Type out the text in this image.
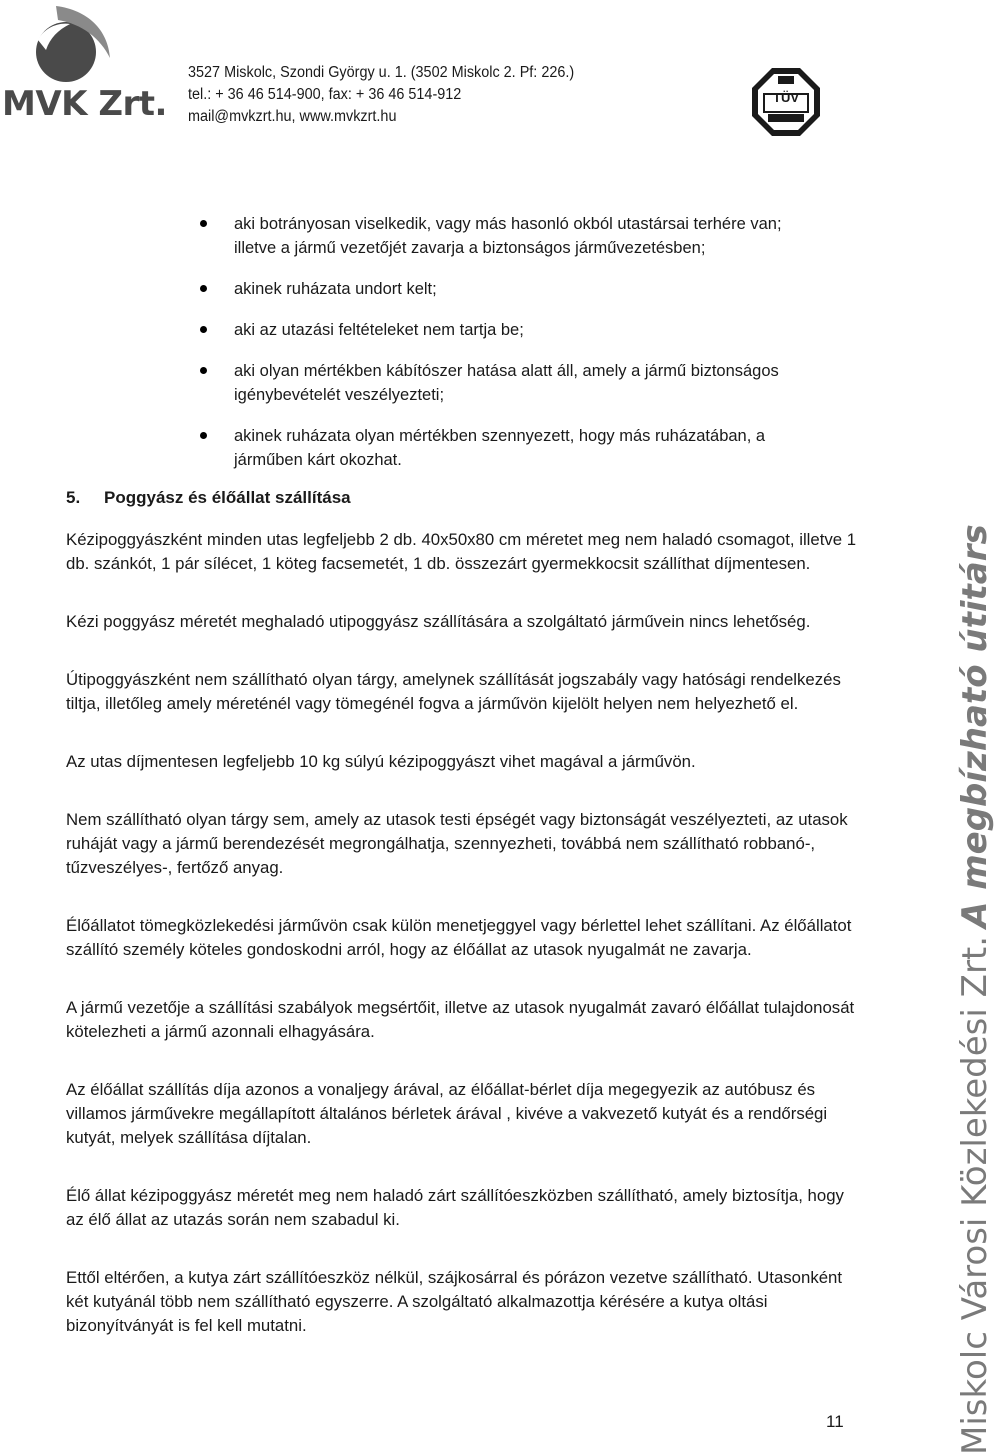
MVK Zrt.
3527 Miskolc, Szondi György u. 1. (3502 Miskolc 2. Pf: 226.)
tel.: + 36 46 514-900, fax: + 36 46 514-912
mail@mvkzrt.hu, www.mvkzrt.hu
TÜV
aki botrányosan viselkedik, vagy más hasonló okból utastársai terhére van;
illetve a jármű vezetőjét zavarja a biztonságos járművezetésben;
akinek ruházata undort kelt;
aki az utazási feltételeket nem tartja be;
aki olyan mértékben kábítószer hatása alatt áll, amely a jármű biztonságos
igénybevételét veszélyezteti;
akinek ruházata olyan mértékben szennyezett, hogy más ruházatában, a
járműben kárt okozhat.
5. Poggyász és élőállat szállítása

Kézipoggyászként minden utas legfeljebb 2 db. 40x50x80 cm méretet meg nem haladó csomagot, illetve 1
db. szánkót, 1 pár sílécet, 1 köteg facsemetét, 1 db. összezárt gyermekkocsit szállíthat díjmentesen.

Kézi poggyász méretét meghaladó utipoggyász szállítására a szolgáltató járművein nincs lehetőség.

Útipoggyászként nem szállítható olyan tárgy, amelynek szállítását jogszabály vagy hatósági rendelkezés
tiltja, illetőleg amely méreténél vagy tömegénél fogva a járművön kijelölt helyen nem helyezhető el.

Az utas díjmentesen legfeljebb 10 kg súlyú kézipoggyászt vihet magával a járművön.

Nem szállítható olyan tárgy sem, amely az utasok testi épségét vagy biztonságát veszélyezteti, az utasok
ruháját vagy a jármű berendezését megrongálhatja, szennyezheti, továbbá nem szállítható robbanó-,
tűzveszélyes-, fertőző anyag.

Élőállatot tömegközlekedési járművön csak külön menetjeggyel vagy bérlettel lehet szállítani. Az élőállatot
szállító személy köteles gondoskodni arról, hogy az élőállat az utasok nyugalmát ne zavarja.

A jármű vezetője a szállítási szabályok megsértőit, illetve az utasok nyugalmát zavaró élőállat tulajdonosát
kötelezheti a jármű azonnali elhagyására.

Az élőállat szállítás díja azonos a vonaljegy árával, az élőállat-bérlet díja megegyezik az autóbusz és
villamos járművekre megállapított általános bérletek árával , kivéve a vakvezető kutyát és a rendőrségi
kutyát, melyek szállítása díjtalan.

Élő állat kézipoggyász méretét meg nem haladó zárt szállítóeszközben szállítható, amely biztosítja, hogy
az élő állat az utazás során nem szabadul ki.

Ettől eltérően, a kutya zárt szállítóeszköz nélkül, szájkosárral és pórázon vezetve szállítható. Utasonként
két kutyánál több nem szállítható egyszerre. A szolgáltató alkalmazottja kérésére a kutya oltási
bizonyítványát is fel kell mutatni.	Miskolc Városi Közlekedési Zrt.A megbízható útitárs
11
